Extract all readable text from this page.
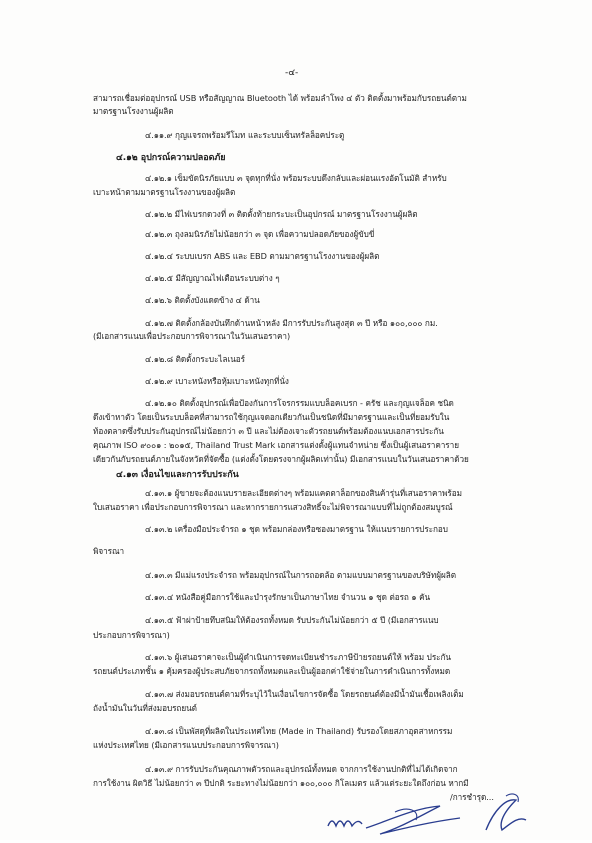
-๔-
สามารถเชื่อมต่ออุปกรณ์ USB หรือสัญญาณ Bluetooth ได้ พร้อมลำโพง ๔ ตัว ติดตั้งมาพร้อมกับรถยนต์ตาม
มาตรฐานโรงงานผู้ผลิต
๔.๑๑.๙ กุญแจรถพร้อมรีโมท และระบบเซ็นทรัลล็อคประตู
๔.๑๒ อุปกรณ์ความปลอดภัย
๔.๑๒.๑ เข็มขัดนิรภัยแบบ ๓ จุดทุกที่นั่ง พร้อมระบบดึงกลับและผ่อนแรงอัตโนมัติ สำหรับ
เบาะหน้าตามมาตรฐานโรงงานของผู้ผลิต
๔.๑๒.๒ มีไฟเบรกดวงที่ ๓ ติดตั้งท้ายกระบะเป็นอุปกรณ์ มาตรฐานโรงงานผู้ผลิต
๔.๑๒.๓ ถุงลมนิรภัยไม่น้อยกว่า ๓ จุด เพื่อความปลอดภัยของผู้ขับขี่
๔.๑๒.๔ ระบบเบรก ABS และ EBD ตามมาตรฐานโรงงานของผู้ผลิต
๔.๑๒.๕ มีสัญญาณไฟเตือนระบบต่าง ๆ
๔.๑๒.๖ ติดตั้งบังแดดข้าง ๔ ด้าน
๔.๑๒.๗ ติดตั้งกล้องบันทึกด้านหน้าหลัง มีการรับประกันสูงสุด ๓ ปี หรือ ๑๐๐,๐๐๐ กม.
(มีเอกสารแนบเพื่อประกอบการพิจารณาในวันเสนอราคา)
๔.๑๒.๘ ติดตั้งกระบะไลเนอร์
๔.๑๒.๙ เบาะหนังหรือหุ้มเบาะหนังทุกที่นั่ง
๔.๑๒.๑๐ ติดตั้งอุปกรณ์เพื่อป้องกันการโจรกรรมแบบล็อคเบรก - ครัช และกุญแจล็อค ชนิด
ดึงเข้าหาตัว โดยเป็นระบบล็อคที่สามารถใช้กุญแจดอกเดียวกันเป็นชนิดที่มีมาตรฐานและเป็นที่ยอมรับใน
ท้องตลาดซึ่งรับประกันอุปกรณ์ไม่น้อยกว่า ๓ ปี และไม่ต้องเจาะตัวรถยนต์พร้อมต้องแนบเอกสารประกัน
คุณภาพ ISO ๙๐๐๑ : ๒๐๑๕, Thailand Trust Mark เอกสารแต่งตั้งผู้แทนจำหน่าย ซึ่งเป็นผู้เสนอราคาราย
เดียวกันกับรถยนต์ภายในจังหวัดที่จัดซื้อ (แต่งตั้งโดยตรงจากผู้ผลิตเท่านั้น) มีเอกสารแนบในวันเสนอราคาด้วย
๔.๑๓ เงื่อนไขและการรับประกัน
๔.๑๓.๑ ผู้ขายจะต้องแนบรายละเอียดต่างๆ พร้อมแคตตาล็อกของสินค้ารุ่นที่เสนอราคาพร้อม
ใบเสนอราคา เพื่อประกอบการพิจารณา และหากรายการแสวงสิทธิ์จะไม่พิจารณาแบบที่ไม่ถูกต้องสมบูรณ์
๔.๑๓.๒ เครื่องมือประจำรถ ๑ ชุด พร้อมกล่องหรือซองมาตรฐาน ให้แนบรายการประกอบ
พิจารณา
๔.๑๓.๓ มีแม่แรงประจำรถ พร้อมอุปกรณ์ในการถอดล้อ ตามแบบมาตรฐานของบริษัทผู้ผลิต
๔.๑๓.๔ หนังสือคู่มือการใช้และบำรุงรักษาเป็นภาษาไทย จำนวน ๑ ชุด ต่อรถ ๑ คัน
๔.๑๓.๕ ฟ้าผ่าป้ายทึบสนิมให้ต้องรถทั้งหมด รับประกันไม่น้อยกว่า ๕ ปี (มีเอกสารแนบ
ประกอบการพิจารณา)
๔.๑๓.๖ ผู้เสนอราคาจะเป็นผู้ดำเนินการจดทะเบียนชำระภาษีป้ายรถยนต์ให้ พร้อม ประกัน
รถยนต์ประเภทชั้น ๑ คุ้มครองผู้ประสบภัยจากรถทั้งหมดและเป็นผู้ออกค่าใช้จ่ายในการดำเนินการทั้งหมด
๔.๑๓.๗ ส่งมอบรถยนต์ตามที่ระบุไว้ในเงื่อนไขการจัดซื้อ โดยรถยนต์ต้องมีน้ำมันเชื้อเพลิงเต็ม
ถังน้ำมันในวันที่ส่งมอบรถยนต์
๔.๑๓.๘ เป็นพัสดุที่ผลิตในประเทศไทย (Made in Thailand) รับรองโดยสภาอุตสาหกรรม
แห่งประเทศไทย (มีเอกสารแนบประกอบการพิจารณา)
๔.๑๓.๙ การรับประกันคุณภาพตัวรถและอุปกรณ์ทั้งหมด จากการใช้งานปกติที่ไม่ได้เกิดจาก
การใช้งาน ผิดวิธี ไม่น้อยกว่า ๓ ปีปกติ ระยะทางไม่น้อยกว่า ๑๐๐,๐๐๐ กิโลเมตร แล้วแต่ระยะใดถึงก่อน หากมี
/การชำรุด...
